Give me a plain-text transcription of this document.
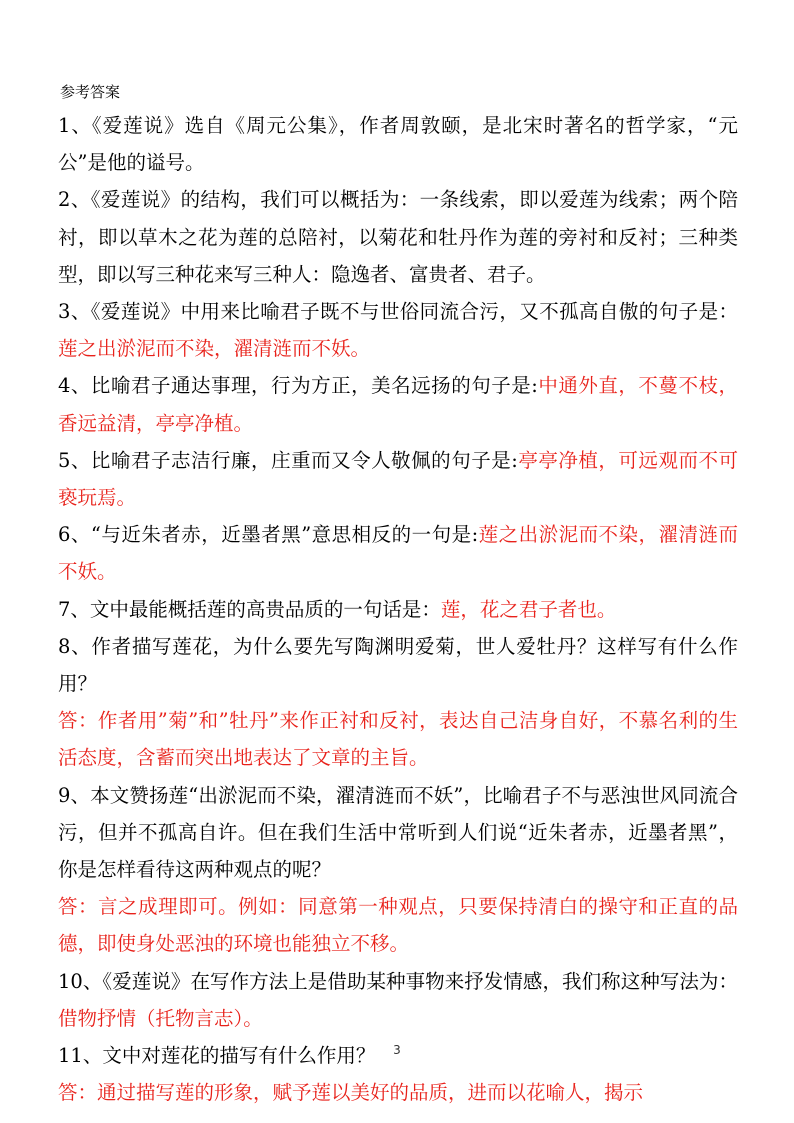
参考答案

1、《爱莲说》选自《周元公集》，作者周敦颐，是北宋时著名的哲学家，“元公”是他的谥号。

2、《爱莲说》的结构，我们可以概括为：一条线索，即以爱莲为线索；两个陪衬，即以草木之花为莲的总陪衬，以菊花和牡丹作为莲的旁衬和反衬；三种类型，即以写三种花来写三种人：隐逸者、富贵者、君子。

3、《爱莲说》中用来比喻君子既不与世俗同流合污，又不孤高自傲的句子是：莲之出淤泥而不染，濯清涟而不妖。

4、比喻君子通达事理，行为方正，美名远扬的句子是:中通外直，不蔓不枝，香远益清，亭亭净植。

5、比喻君子志洁行廉，庄重而又令人敬佩的句子是:亭亭净植，可远观而不可亵玩焉。

6、“与近朱者赤，近墨者黑”意思相反的一句是:莲之出淤泥而不染，濯清涟而不妖。

7、文中最能概括莲的高贵品质的一句话是：莲，花之君子者也。

8、作者描写莲花，为什么要先写陶渊明爱菊，世人爱牡丹？这样写有什么作用？

答：作者用”菊”和”牡丹”来作正衬和反衬，表达自己洁身自好，不慕名利的生活态度，含蓄而突出地表达了文章的主旨。

9、本文赞扬莲“出淤泥而不染，濯清涟而不妖”，比喻君子不与恶浊世风同流合污，但并不孤高自许。但在我们生活中常听到人们说“近朱者赤，近墨者黑”，你是怎样看待这两种观点的呢？

答：言之成理即可。例如：同意第一种观点，只要保持清白的操守和正直的品德，即使身处恶浊的环境也能独立不移。

10、《爱莲说》在写作方法上是借助某种事物来抒发情感，我们称这种写法为：借物抒情（托物言志）。

11、文中对莲花的描写有什么作用？

答：通过描写莲的形象，赋予莲以美好的品质，进而以花喻人，揭示

3
